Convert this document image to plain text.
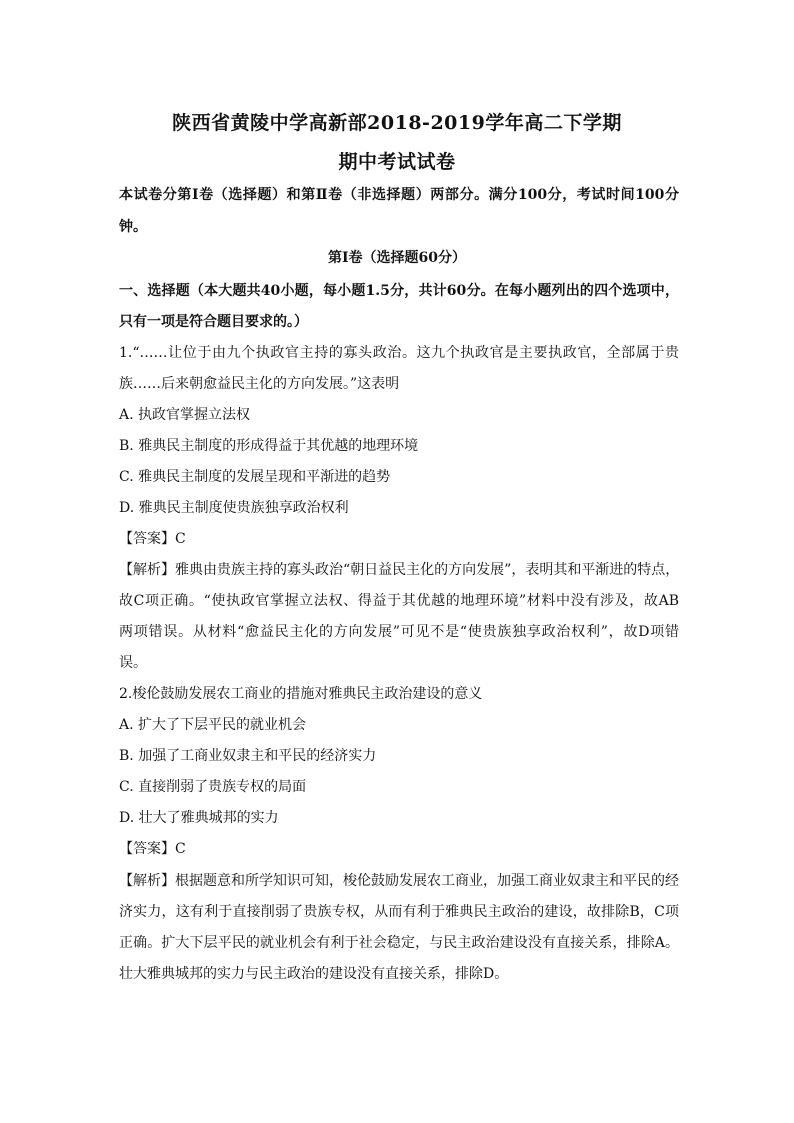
陕西省黄陵中学高新部2018-2019学年高二下学期
期中考试试卷
本试卷分第Ⅰ卷（选择题）和第Ⅱ卷（非选择题）两部分。满分100分，考试时间100分
钟。
第Ⅰ卷（选择题60分）
一、选择题（本大题共40小题，每小题1.5分，共计60分。在每小题列出的四个选项中，
只有一项是符合题目要求的。）
1.“……让位于由九个执政官主持的寡头政治。这九个执政官是主要执政官，全部属于贵
族……后来朝愈益民主化的方向发展。”这表明
A. 执政官掌握立法权
B. 雅典民主制度的形成得益于其优越的地理环境
C. 雅典民主制度的发展呈现和平渐进的趋势
D. 雅典民主制度使贵族独享政治权利
【答案】C
【解析】雅典由贵族主持的寡头政治“朝日益民主化的方向发展”，表明其和平渐进的特点，
故C项正确。“使执政官掌握立法权、得益于其优越的地理环境”材料中没有涉及，故AB
两项错误。从材料“愈益民主化的方向发展”可见不是“使贵族独享政治权利”，故D项错
误。
2.梭伦鼓励发展农工商业的措施对雅典民主政治建设的意义
A. 扩大了下层平民的就业机会
B. 加强了工商业奴隶主和平民的经济实力
C. 直接削弱了贵族专权的局面
D. 壮大了雅典城邦的实力
【答案】C
【解析】根据题意和所学知识可知，梭伦鼓励发展农工商业，加强工商业奴隶主和平民的经
济实力，这有利于直接削弱了贵族专权，从而有利于雅典民主政治的建设，故排除B，C项
正确。扩大下层平民的就业机会有利于社会稳定，与民主政治建设没有直接关系，排除A。
壮大雅典城邦的实力与民主政治的建设没有直接关系，排除D。
